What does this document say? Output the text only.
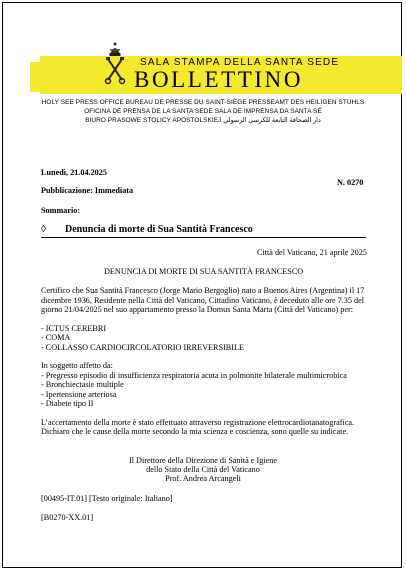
SALA STAMPA DELLA SANTA SEDE
BOLLETTINO
HOLY SEE PRESS OFFICE BUREAU DE PRESSE DU SAINT-SIÈGE PRESSEAMT DES HEILIGEN STUHLS
OFICINA DE PRENSA DE LA SANTA SEDE SALA DE IMPRENSA DA SANTA SÉ
BIURO PRASOWE STOLICY APOSTOLSKIEJ دار الصحافة التابعة للكرسي الرسولي
Lunedì, 21.04.2025
N. 0270
Pubblicazione: Immediata
Sommario:
◊ Denuncia di morte di Sua Santità Francesco
Città del Vaticano, 21 aprile 2025
DENUNCIA DI MORTE DI SUA SANTITÀ FRANCESCO
Certifico che Sua Santità Francesco (Jorge Mario Bergoglio) nato a Buenos Aires (Argentina) il 17
dicembre 1936, Residente nella Città del Vaticano, Cittadino Vaticano, è deceduto alle ore 7.35 del
giorno 21/04/2025 nel suo appartamento presso la Domus Santa Marta (Città del Vaticano) per:
- ICTUS CEREBRI
- COMA
- COLLASSO CARDIOCIRCOLATORIO IRREVERSIBILE
In soggetto affetto da:
- Pregresso episodio di insufficienza respiratoria acuta in polmonite bilaterale multimicrobica
- Bronchiectasie multiple
- Ipertensione arteriosa
- Diabete tipo II
L’accertamento della morte è stato effettuato attraverso registrazione elettrocardiotanatografica.
Dichiaro che le cause della morte secondo la mia scienza e coscienza, sono quelle su indicate.
Il Direttore della Direzione di Sanità e Igiene
dello Stato della Città del Vaticano
Prof. Andrea Arcangeli
[00495-IT.01] [Testo originale: Italiano]
[B0270-XX.01]
